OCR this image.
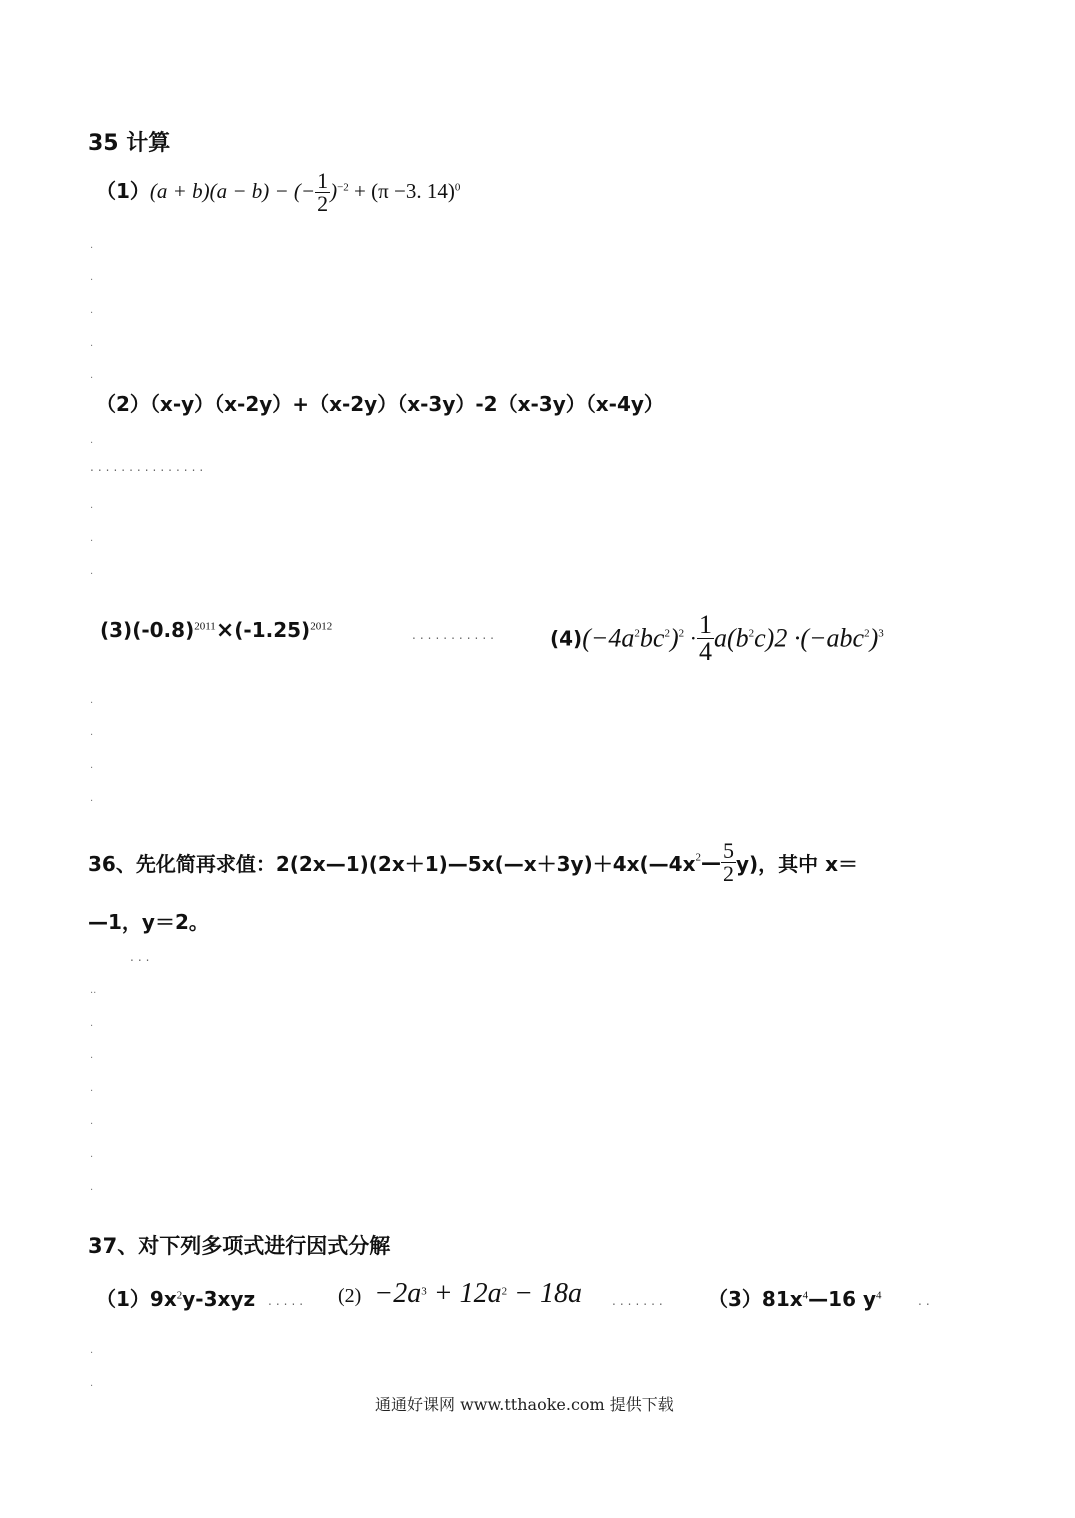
35 计算
（1）(a + b)(a − b) − (− $\frac{1}{2} )^{-2} + (\pi -3$. 14)$^0$
.
.
.
.
.
（2）（x-y）（x-2y）+（x-2y）（x-3y）-2（x-3y）（x-4y）
.
...............
.
.
.
$(3)(-0.8)^{2011}\times(-1.25)^{2012}$
...........	$(4)(-4a^2bc^2)^2 \cdot \frac{1}{4} a(b^2c)2 \cdot(-abc^2)^3$
.
.
.
.
36、先化简再求值：$2(2x—1)(2x+1)—5x(—x+3y)+4x(—4x^2— \frac{5}{2} y)$，其中 x＝
—1，y＝2。
...
..
.
.
.
.
.
.
37、对下列多项式进行因式分解
$(1)9x^2y-3xyz$ ..... $(2) -2a^3 + 12a^2 - 18a$ ....... $(3)81x^4—16$ $y^4$	..
.
.
通通好课网 www.tthaoke.com 提供下载
